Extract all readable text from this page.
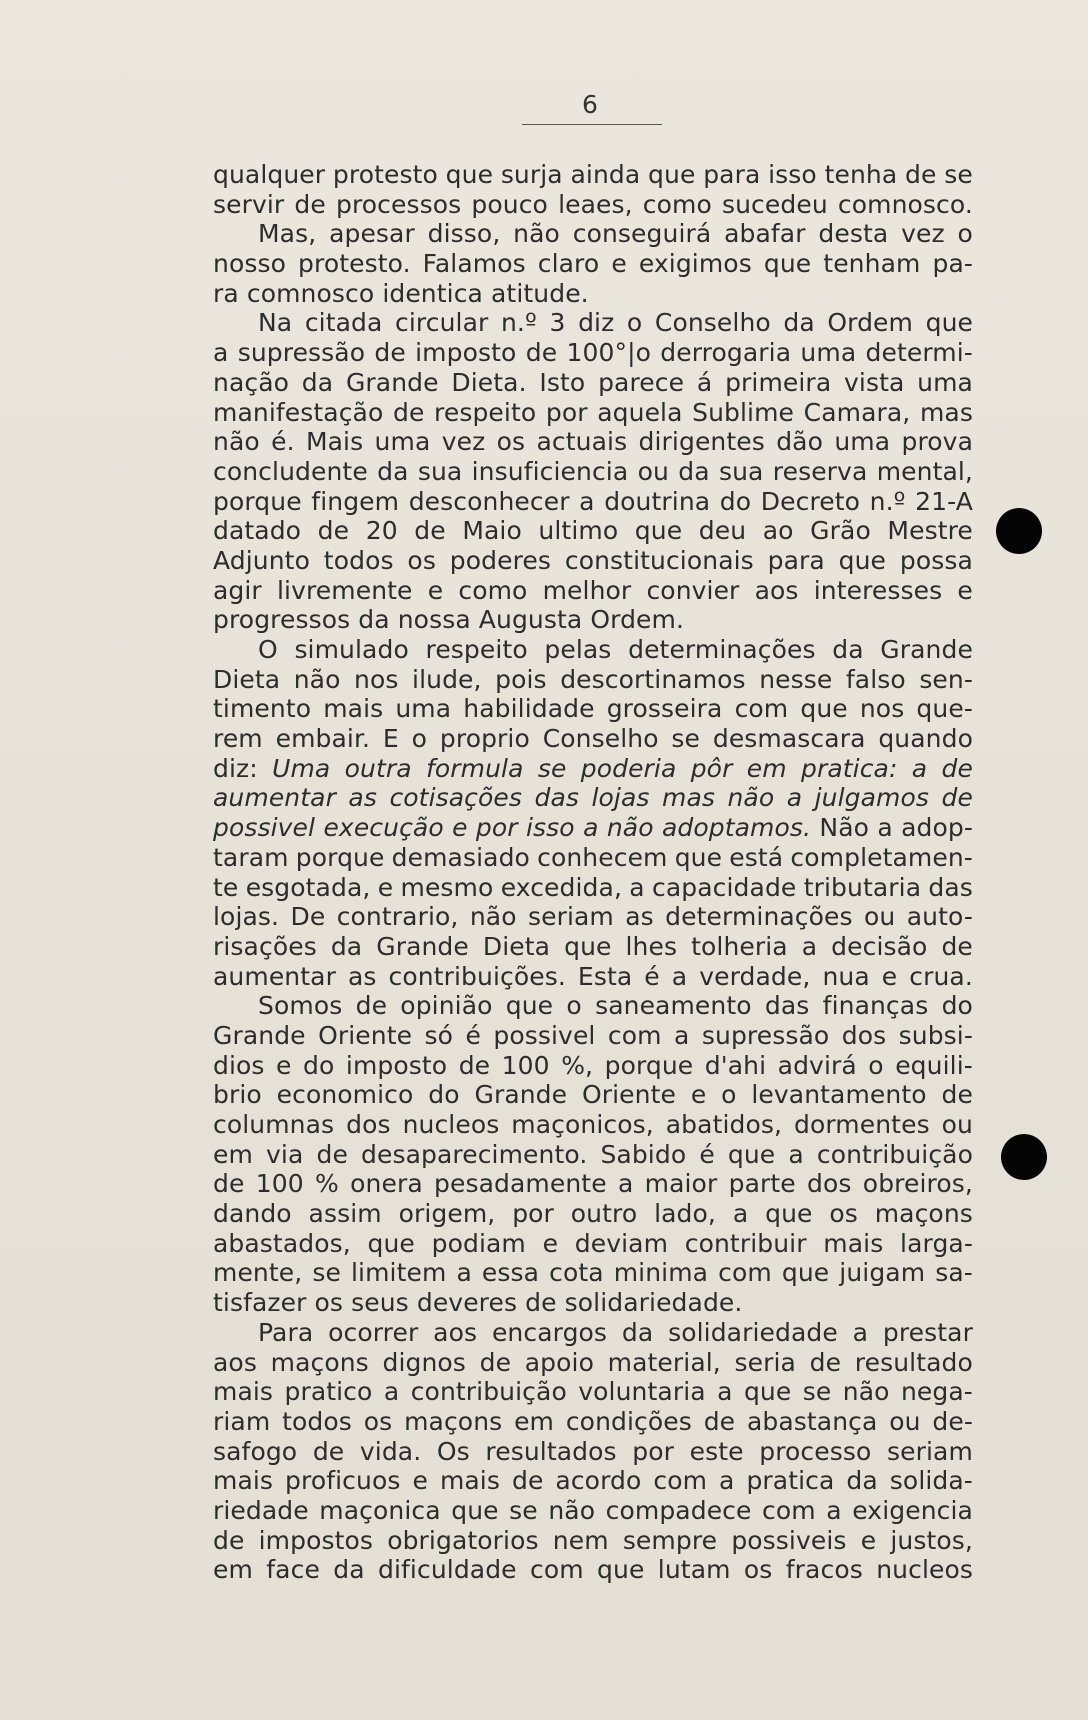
6
qualquer protesto que surja ainda que para isso tenha de se
servir de processos pouco leaes, como sucedeu comnosco.
Mas, apesar disso, não conseguirá abafar desta vez o
nosso protesto. Falamos claro e exigimos que tenham pa-
ra
comnosco
identica
atitude.
Na citada circular n.º 3 diz o Conselho da Ordem que
a supressão de imposto de 100°|o derrogaria uma determi-
nação da Grande Dieta. Isto parece á primeira vista uma
manifestação de respeito por aquela Sublime Camara, mas
não é. Mais uma vez os actuais dirigentes dão uma prova
concludente da sua insuficiencia ou da sua reserva mental,
porque fingem desconhecer a doutrina do Decreto n.º 21-A
datado de 20 de Maio ultimo que deu ao Grão Mestre
Adjunto todos os poderes constitucionais para que possa
agir livremente e como melhor convier aos interesses e
progressos
da
nossa
Augusta
Ordem.
O simulado respeito pelas determinações da Grande
Dieta não nos ilude, pois descortinamos nesse falso sen-
timento mais uma habilidade grosseira com que nos que-
rem embair. E o proprio Conselho se desmascara quando
diz: Uma outra formula se poderia pôr em pratica: a de
aumentar as cotisações das lojas mas não a julgamos de
possivel execução e por isso a não adoptamos. Não a adop-
taram porque demasiado conhecem que está completamen-
te esgotada, e mesmo excedida, a capacidade tributaria das
lojas. De contrario, não seriam as determinações ou auto-
risações da Grande Dieta que lhes tolheria a decisão de
aumentar as contribuições. Esta é a verdade, nua e crua.
Somos de opinião que o saneamento das finanças do
Grande Oriente só é possivel com a supressão dos subsi-
dios e do imposto de 100 %, porque d'ahi advirá o equili-
brio economico do Grande Oriente e o levantamento de
columnas dos nucleos maçonicos, abatidos, dormentes ou
em via de desaparecimento. Sabido é que a contribuição
de 100 % onera pesadamente a maior parte dos obreiros,
dando assim origem, por outro lado, a que os maçons
abastados, que podiam e deviam contribuir mais larga-
mente, se limitem a essa cota minima com que juigam sa-
tisfazer
os
seus
deveres
de
solidariedade.
Para ocorrer aos encargos da solidariedade a prestar
aos maçons dignos de apoio material, seria de resultado
mais pratico a contribuição voluntaria a que se não nega-
riam todos os maçons em condições de abastança ou de-
safogo de vida. Os resultados por este processo seriam
mais proficuos e mais de acordo com a pratica da solida-
riedade maçonica que se não compadece com a exigencia
de impostos obrigatorios nem sempre possiveis e justos,
em face da dificuldade com que lutam os fracos nucleos
